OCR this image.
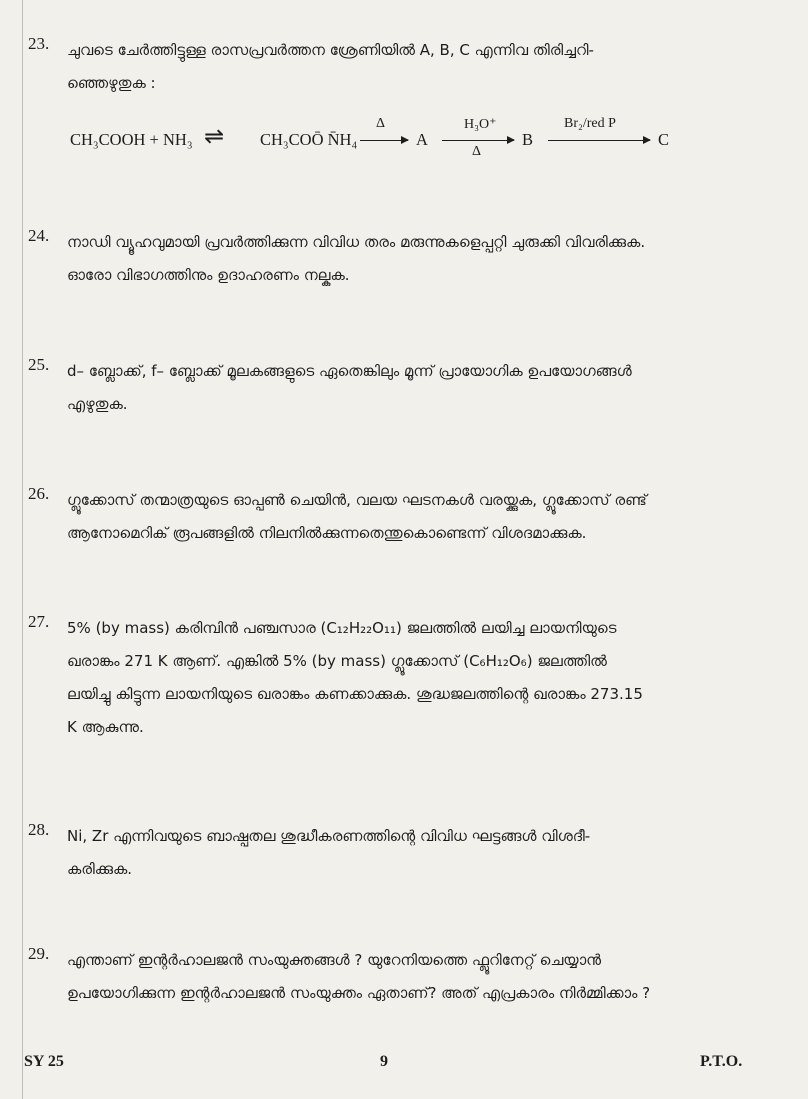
23. ചുവടെ ചേർത്തിട്ടുള്ള രാസപ്രവർത്തന ശ്രേണിയിൽ A, B, C എന്നിവ തിരിച്ചറി-
ഞ്ഞെഴുതുക :
CH₃COOH + NH₃ ⇌ CH₃COŌ N̄H₄
Δ
→ A
H₃O⁺
Δ
B
Br₂/red P
C
24. നാഡി വ്യൂഹവുമായി പ്രവർത്തിക്കുന്ന വിവിധ തരം മരുന്നുകളെപ്പറ്റി ചുരുക്കി വിവരിക്കുക.
ഓരോ വിഭാഗത്തിനും ഉദാഹരണം നല്കുക.
25. d– ബ്ലോക്ക്, f– ബ്ലോക്ക് മൂലകങ്ങളുടെ ഏതെങ്കിലും മൂന്ന് പ്രായോഗിക ഉപയോഗങ്ങൾ
എഴുതുക.
26. ഗ്ലൂക്കോസ് തന്മാത്രയുടെ ഓപ്പൺ ചെയിൻ, വലയ ഘടനകൾ വരയ്ക്കുക, ഗ്ലൂക്കോസ് രണ്ട്
ആനോമെറിക് രൂപങ്ങളിൽ നിലനിൽക്കുന്നതെന്തുകൊണ്ടെന്ന് വിശദമാക്കുക.
27. 5% (by mass) കരിമ്പിൻ പഞ്ചസാര (C₁₂H₂₂O₁₁) ജലത്തിൽ ലയിച്ച ലായനിയുടെ
ഖരാങ്കം 271 K ആണ്. എങ്കിൽ 5% (by mass) ഗ്ലൂക്കോസ് (C₆H₁₂O₆) ജലത്തിൽ
ലയിച്ചു കിട്ടുന്ന ലായനിയുടെ ഖരാങ്കം കണക്കാക്കുക. ശുദ്ധജലത്തിന്റെ ഖരാങ്കം 273.15
K ആകുന്നു.
28. Ni, Zr എന്നിവയുടെ ബാഷ്പതല ശുദ്ധീകരണത്തിന്റെ വിവിധ ഘട്ടങ്ങൾ വിശദീ-
കരിക്കുക.
29. എന്താണ് ഇന്റർഹാലജൻ സംയുക്തങ്ങൾ ? യുറേനിയത്തെ ഫ്ലൂറിനേറ്റ് ചെയ്യാൻ
ഉപയോഗിക്കുന്ന ഇന്റർഹാലജൻ സംയുക്തം ഏതാണ്? അത് എപ്രകാരം നിർമ്മിക്കാം ?
SY 25	9	P.T.O.
